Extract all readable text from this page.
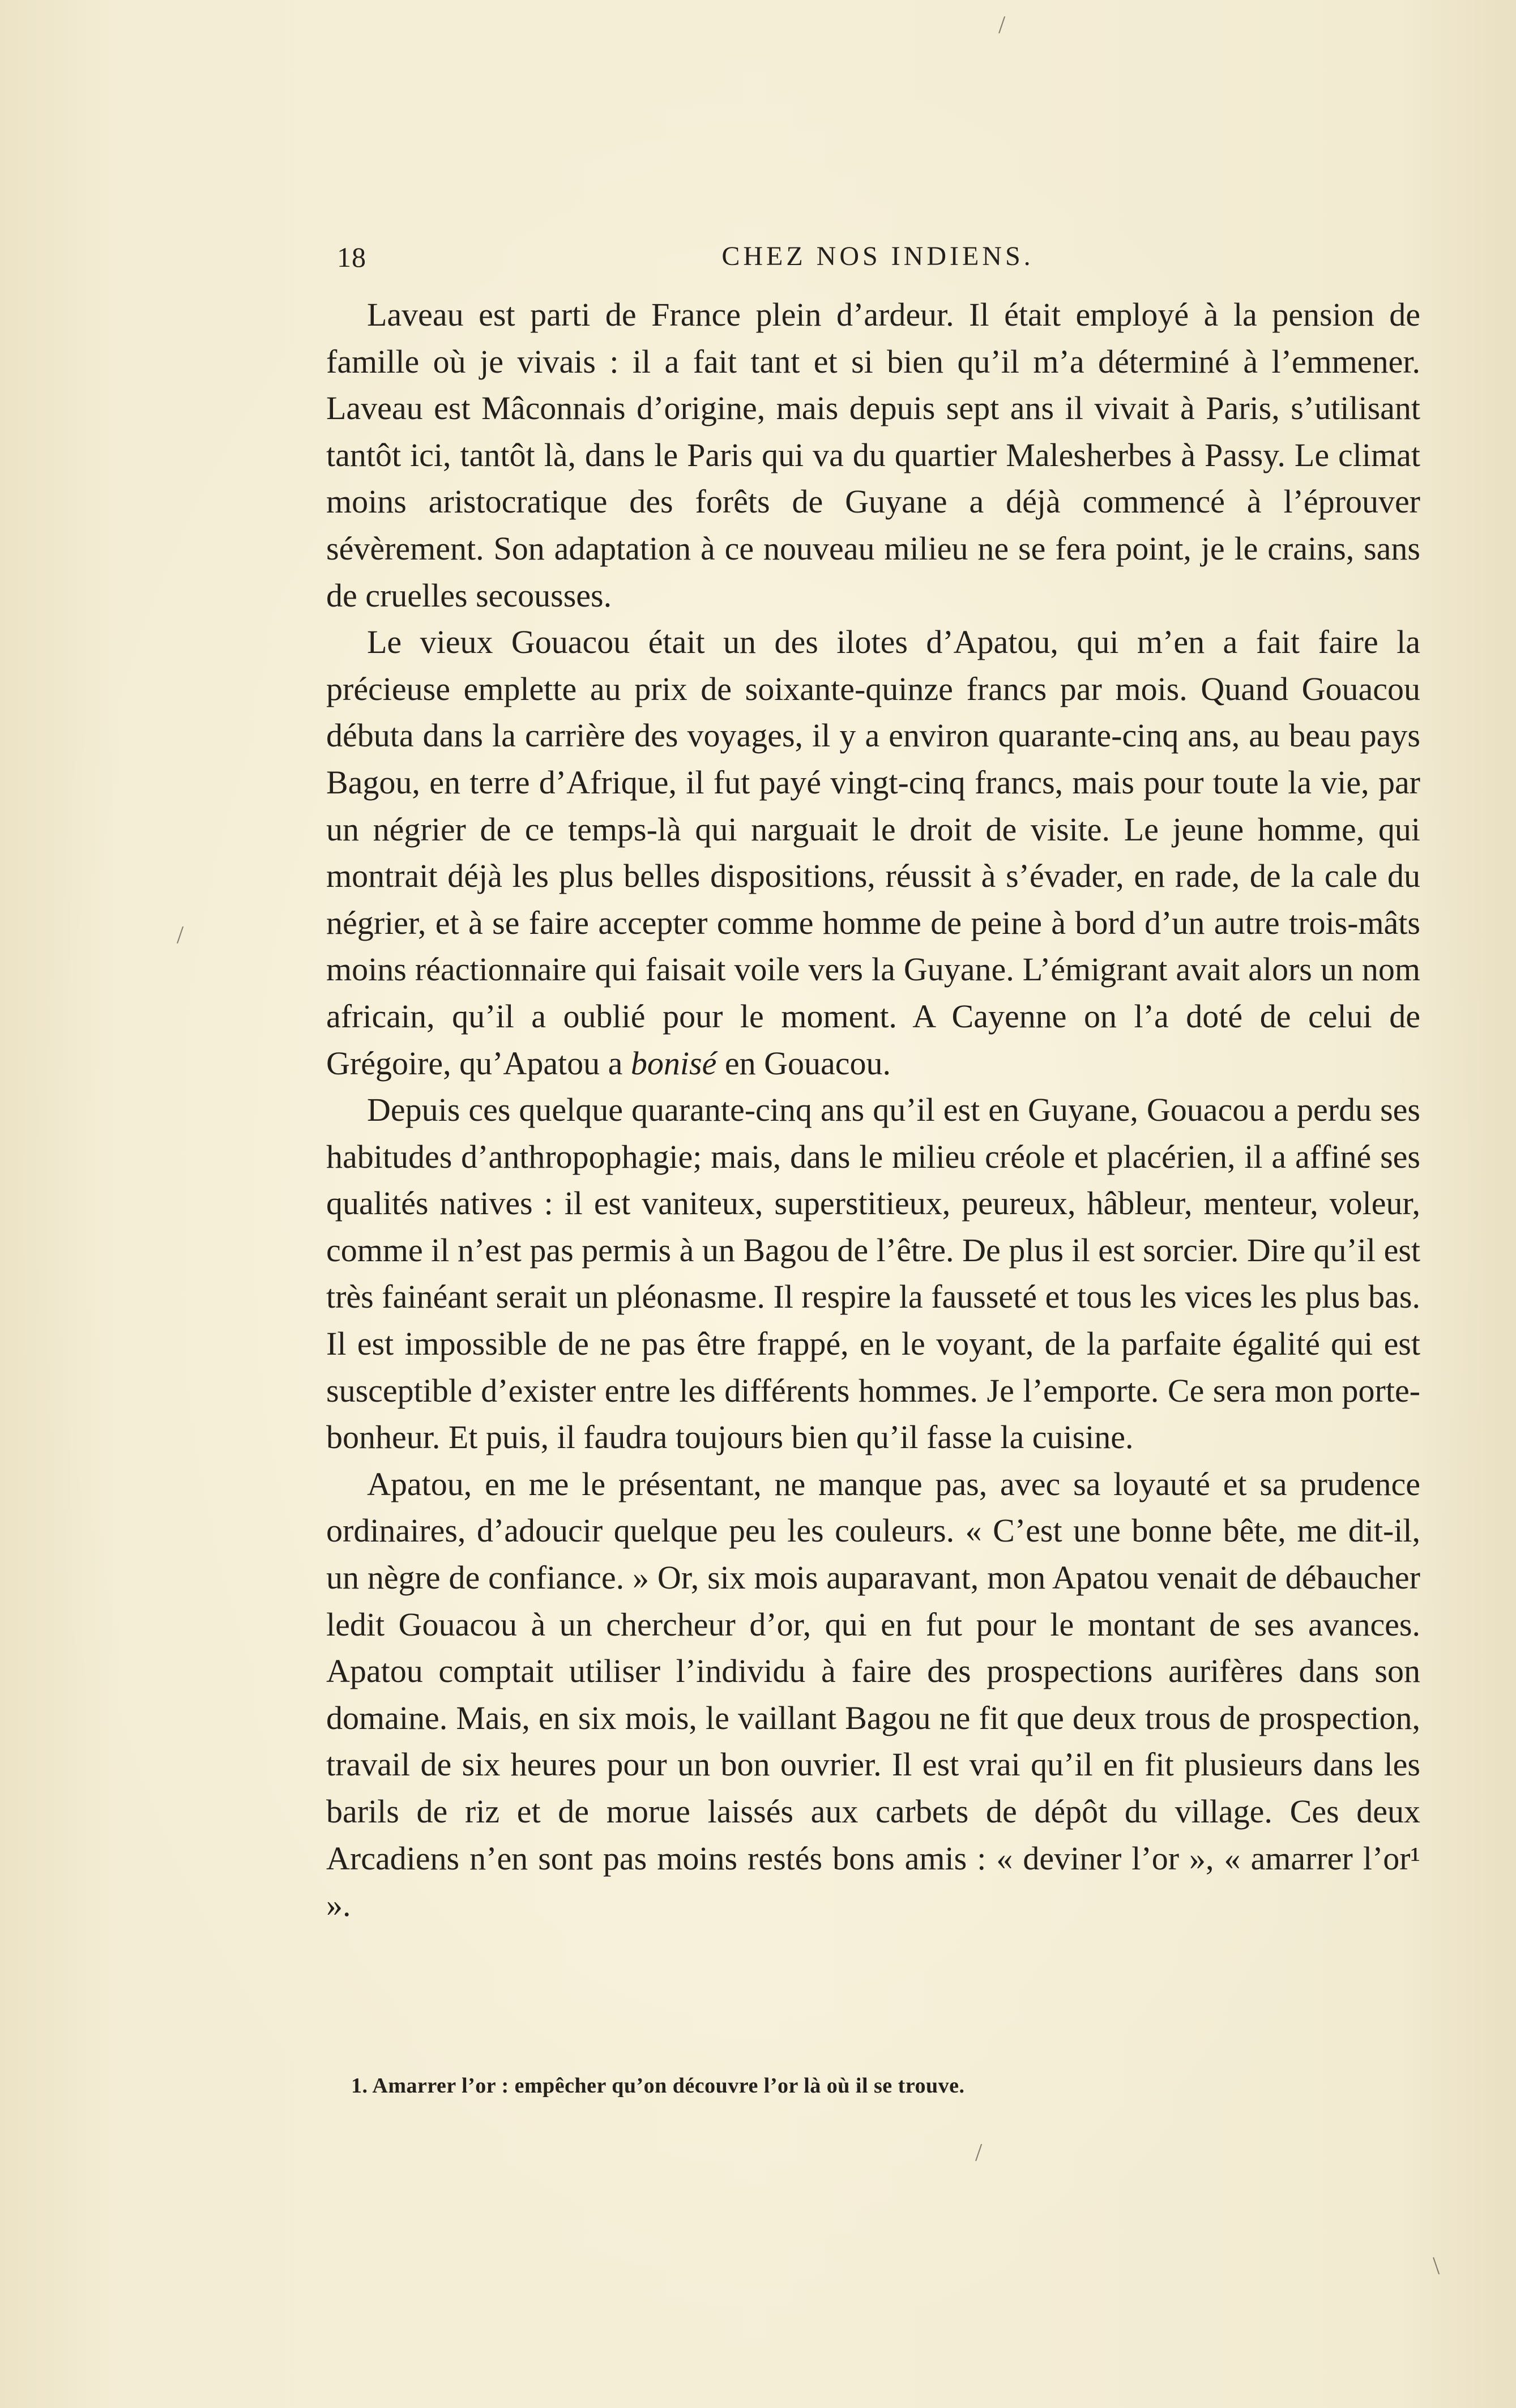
/
18	CHEZ NOS INDIENS.

Laveau est parti de France plein d’ardeur. Il était employé à la pension de famille où je vivais : il a fait tant et si bien qu’il m’a déterminé à l’emmener. Laveau est Mâconnais d’origine, mais depuis sept ans il vivait à Paris, s’utilisant tantôt ici, tantôt là, dans le Paris qui va du quartier Malesherbes à Passy. Le climat moins aristocratique des forêts de Guyane a déjà commencé à l’éprouver sévèrement. Son adaptation à ce nouveau milieu ne se fera point, je le crains, sans de cruelles secousses.

Le vieux Gouacou était un des ilotes d’Apatou, qui m’en a fait faire la précieuse emplette au prix de soixante-quinze francs par mois. Quand Gouacou débuta dans la carrière des voyages, il y a environ quarante-cinq ans, au beau pays Bagou, en terre d’Afrique, il fut payé vingt-cinq francs, mais pour toute la vie, par un négrier de ce temps-là qui narguait le droit de visite. Le jeune homme, qui montrait déjà les plus belles dispositions, réussit à s’évader, en rade, de la cale du négrier, et à se faire accepter comme homme de peine à bord d’un autre trois-mâts moins réactionnaire qui faisait voile vers la Guyane. L’émigrant avait alors un nom africain, qu’il a oublié pour le moment. A Cayenne on l’a doté de celui de Grégoire, qu’Apatou a bonisé en Gouacou.

Depuis ces quelque quarante-cinq ans qu’il est en Guyane, Gouacou a perdu ses habitudes d’anthropophagie; mais, dans le milieu créole et placérien, il a affiné ses qualités natives : il est vaniteux, superstitieux, peureux, hâbleur, menteur, voleur, comme il n’est pas permis à un Bagou de l’être. De plus il est sorcier. Dire qu’il est très fainéant serait un pléonasme. Il respire la fausseté et tous les vices les plus bas. Il est impossible de ne pas être frappé, en le voyant, de la parfaite égalité qui est susceptible d’exister entre les différents hommes. Je l’emporte. Ce sera mon porte-bonheur. Et puis, il faudra toujours bien qu’il fasse la cuisine.

Apatou, en me le présentant, ne manque pas, avec sa loyauté et sa prudence ordinaires, d’adoucir quelque peu les couleurs. « C’est une bonne bête, me dit-il, un nègre de confiance. » Or, six mois auparavant, mon Apatou venait de débaucher ledit Gouacou à un chercheur d’or, qui en fut pour le montant de ses avances. Apatou comptait utiliser l’individu à faire des prospections aurifères dans son domaine. Mais, en six mois, le vaillant Bagou ne fit que deux trous de prospection, travail de six heures pour un bon ouvrier. Il est vrai qu’il en fit plusieurs dans les barils de riz et de morue laissés aux carbets de dépôt du village. Ces deux Arcadiens n’en sont pas moins restés bons amis : « deviner l’or », « amarrer l’or¹ ».

1. Amarrer l’or : empêcher qu’on découvre l’or là où il se trouve.
/
/
\
